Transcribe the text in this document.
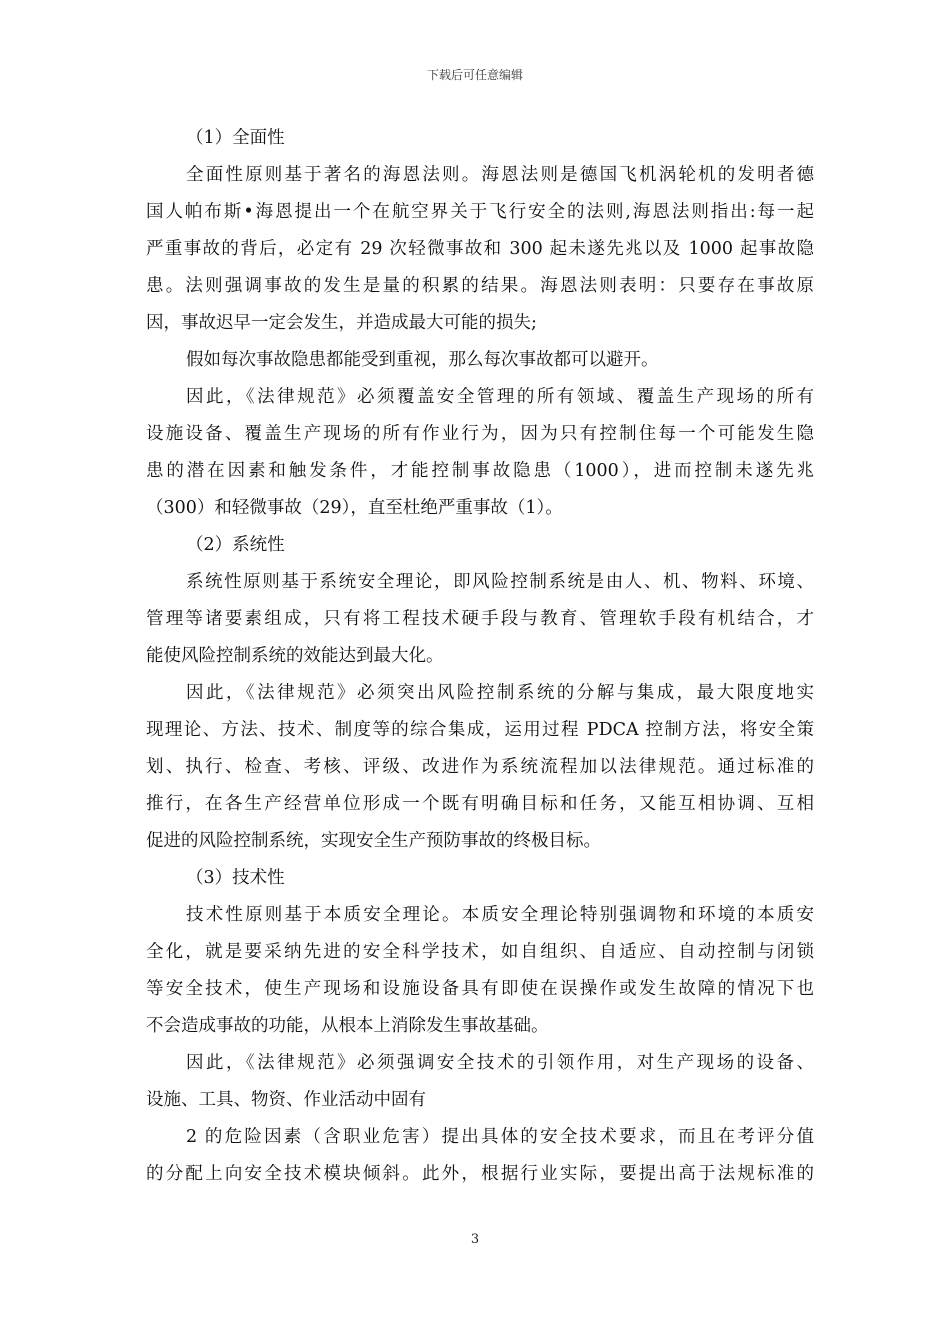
下载后可任意编辑
（1）全面性
全面性原则基于著名的海恩法则。海恩法则是德国飞机涡轮机的发明者德
国人帕布斯•海恩提出一个在航空界关于飞行安全的法则,海恩法则指出:每一起
严重事故的背后，必定有 29 次轻微事故和 300 起未遂先兆以及 1000 起事故隐
患。法则强调事故的发生是量的积累的结果。海恩法则表明：只要存在事故原
因，事故迟早一定会发生，并造成最大可能的损失;
假如每次事故隐患都能受到重视，那么每次事故都可以避开。
因此，《法律规范》必须覆盖安全管理的所有领域、覆盖生产现场的所有
设施设备、覆盖生产现场的所有作业行为，因为只有控制住每一个可能发生隐
患的潜在因素和触发条件，才能控制事故隐患（1000），进而控制未遂先兆
（300）和轻微事故（29），直至杜绝严重事故（1）。
（2）系统性
系统性原则基于系统安全理论，即风险控制系统是由人、机、物料、环境、
管理等诸要素组成，只有将工程技术硬手段与教育、管理软手段有机结合，才
能使风险控制系统的效能达到最大化。
因此，《法律规范》必须突出风险控制系统的分解与集成，最大限度地实
现理论、方法、技术、制度等的综合集成，运用过程 PDCA 控制方法，将安全策
划、执行、检查、考核、评级、改进作为系统流程加以法律规范。通过标准的
推行，在各生产经营单位形成一个既有明确目标和任务，又能互相协调、互相
促进的风险控制系统，实现安全生产预防事故的终极目标。
（3）技术性
技术性原则基于本质安全理论。本质安全理论特别强调物和环境的本质安
全化，就是要采纳先进的安全科学技术，如自组织、自适应、自动控制与闭锁
等安全技术，使生产现场和设施设备具有即使在误操作或发生故障的情况下也
不会造成事故的功能，从根本上消除发生事故基础。
因此，《法律规范》必须强调安全技术的引领作用，对生产现场的设备、
设施、工具、物资、作业活动中固有
2 的危险因素（含职业危害）提出具体的安全技术要求，而且在考评分值
的分配上向安全技术模块倾斜。此外，根据行业实际，要提出高于法规标准的
3
